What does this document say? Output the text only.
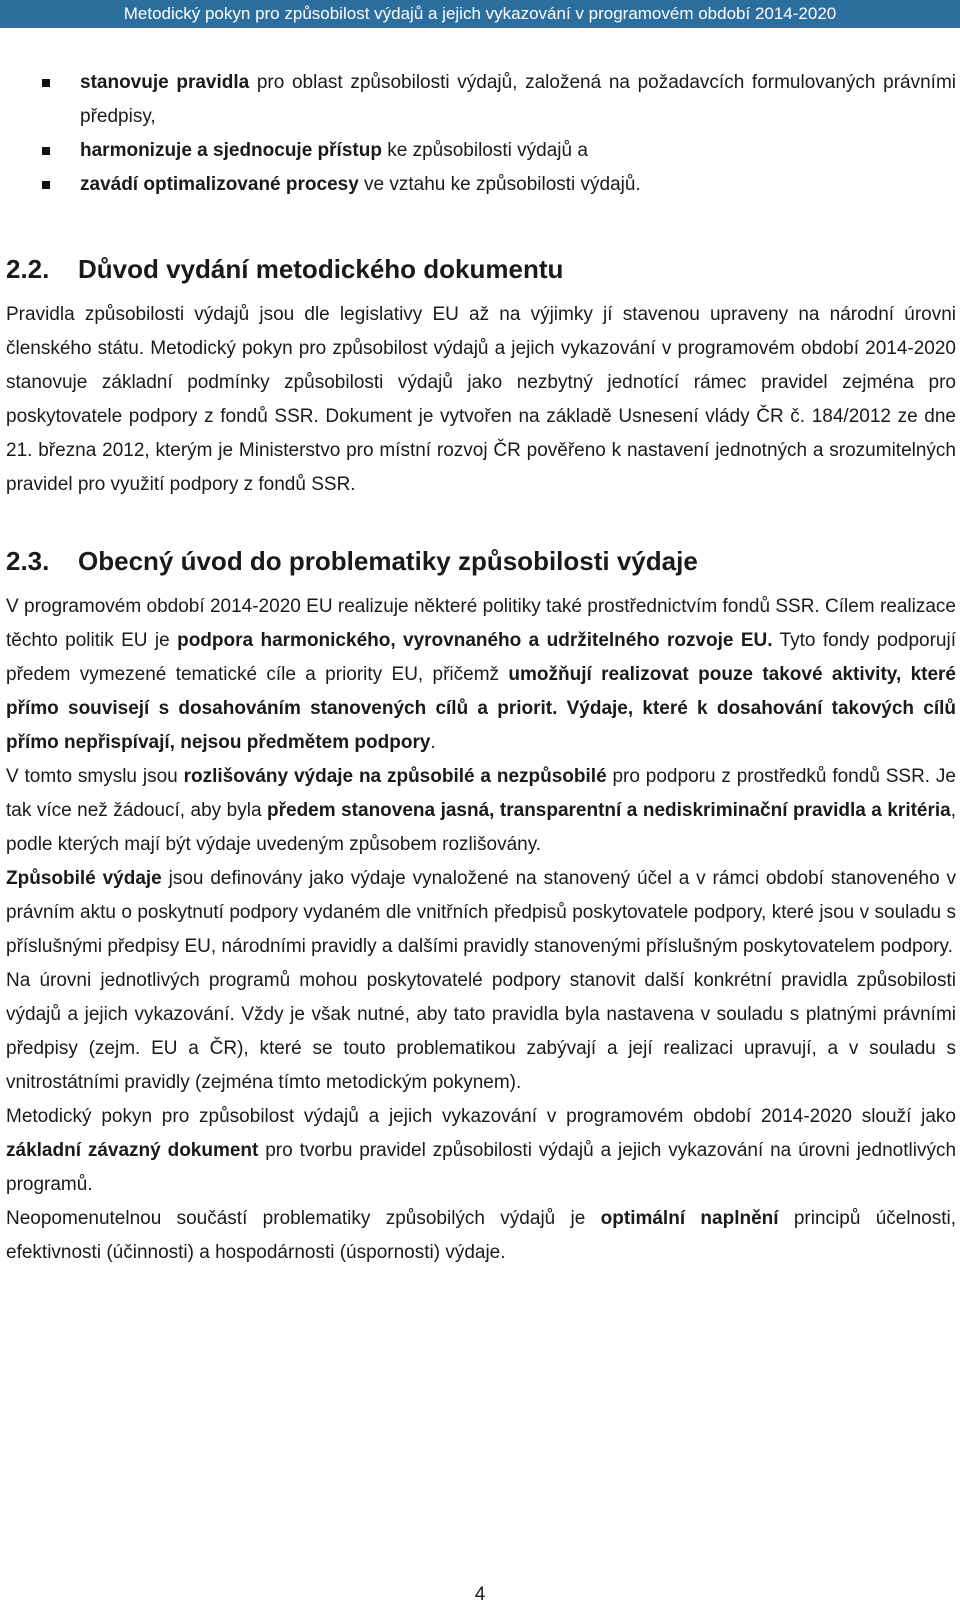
Metodický pokyn pro způsobilost výdajů a jejich vykazování v programovém období 2014-2020
stanovuje pravidla pro oblast způsobilosti výdajů, založená na požadavcích formulovaných právními předpisy,
harmonizuje a sjednocuje přístup ke způsobilosti výdajů a
zavádí optimalizované procesy ve vztahu ke způsobilosti výdajů.
2.2. Důvod vydání metodického dokumentu

Pravidla způsobilosti výdajů jsou dle legislativy EU až na výjimky jí stavenou upraveny na národní úrovni členského státu. Metodický pokyn pro způsobilost výdajů a jejich vykazování v programovém období 2014-2020 stanovuje základní podmínky způsobilosti výdajů jako nezbytný jednotící rámec pravidel zejména pro poskytovatele podpory z fondů SSR. Dokument je vytvořen na základě Usnesení vlády ČR č. 184/2012 ze dne 21. března 2012, kterým je Ministerstvo pro místní rozvoj ČR pověřeno k nastavení jednotných a srozumitelných pravidel pro využití podpory z fondů SSR.

2.3. Obecný úvod do problematiky způsobilosti výdaje

V programovém období 2014-2020 EU realizuje některé politiky také prostřednictvím fondů SSR. Cílem realizace těchto politik EU je podpora harmonického, vyrovnaného a udržitelného rozvoje EU. Tyto fondy podporují předem vymezené tematické cíle a priority EU, přičemž umožňují realizovat pouze takové aktivity, které přímo souvisejí s dosahováním stanovených cílů a priorit. Výdaje, které k dosahování takových cílů přímo nepřispívají, nejsou předmětem podpory.

V tomto smyslu jsou rozlišovány výdaje na způsobilé a nezpůsobilé pro podporu z prostředků fondů SSR. Je tak více než žádoucí, aby byla předem stanovena jasná, transparentní a nediskriminační pravidla a kritéria, podle kterých mají být výdaje uvedeným způsobem rozlišovány.

Způsobilé výdaje jsou definovány jako výdaje vynaložené na stanovený účel a v rámci období stanoveného v právním aktu o poskytnutí podpory vydaném dle vnitřních předpisů poskytovatele podpory, které jsou v souladu s příslušnými předpisy EU, národními pravidly a dalšími pravidly stanovenými příslušným poskytovatelem podpory.

Na úrovni jednotlivých programů mohou poskytovatelé podpory stanovit další konkrétní pravidla způsobilosti výdajů a jejich vykazování. Vždy je však nutné, aby tato pravidla byla nastavena v souladu s platnými právními předpisy (zejm. EU a ČR), které se touto problematikou zabývají a její realizaci upravují, a v souladu s vnitrostátními pravidly (zejména tímto metodickým pokynem).

Metodický pokyn pro způsobilost výdajů a jejich vykazování v programovém období 2014-2020 slouží jako základní závazný dokument pro tvorbu pravidel způsobilosti výdajů a jejich vykazování na úrovni jednotlivých programů.

Neopomenutelnou součástí problematiky způsobilých výdajů je optimální naplnění principů účelnosti, efektivnosti (účinnosti) a hospodárnosti (úspornosti) výdaje.

4
